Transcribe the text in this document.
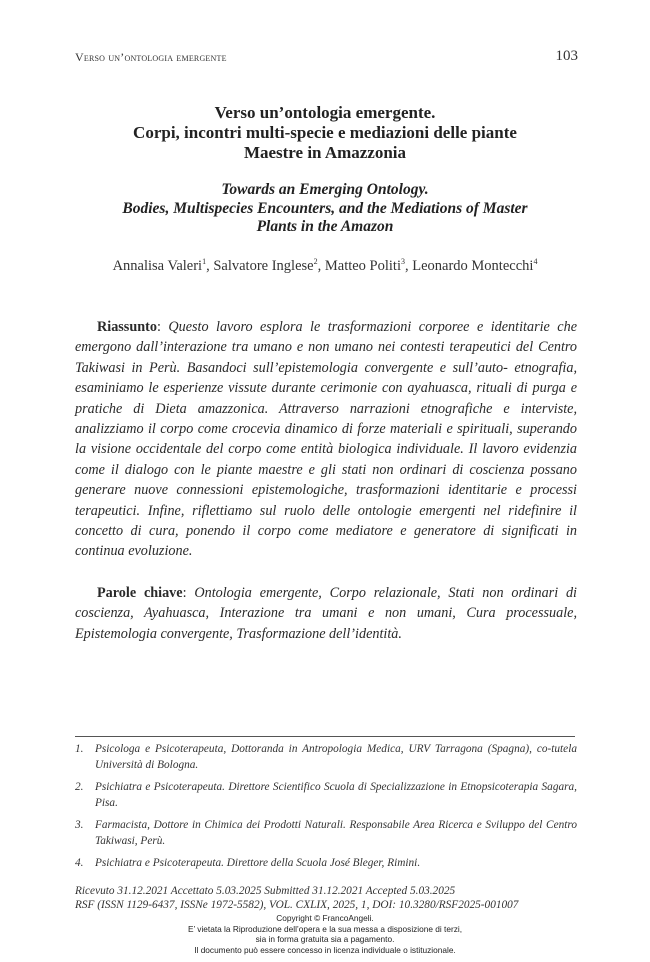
Verso un’ontologia emergente	103
Verso un’ontologia emergente.
Corpi, incontri multi-specie e mediazioni delle piante
Maestre in Amazzonia
Towards an Emerging Ontology.
Bodies, Multispecies Encounters, and the Mediations of Master
Plants in the Amazon
Annalisa Valeri$^1$, Salvatore Inglese$^2$, Matteo Politi$^3$, Leonardo Montecchi$^4$
Riassunto: Questo lavoro esplora le trasformazioni corporee e identitarie che emergono dall’interazione tra umano e non umano nei contesti terapeutici del Centro Takiwasi in Perù. Basandoci sull’epistemologia convergente e sull’auto- etnografia, esaminiamo le esperienze vissute durante cerimonie con ayahuasca, rituali di purga e pratiche di Dieta amazzonica. Attraverso narrazioni etnografiche e interviste, analizziamo il corpo come crocevia dinamico di forze materiali e spirituali, superando la visione occidentale del corpo come entità biologica individuale. Il lavoro evidenzia come il dialogo con le piante maestre e gli stati non ordinari di coscienza possano generare nuove connessioni epistemologiche, trasformazioni identitarie e processi terapeutici. Infine, riflettiamo sul ruolo delle ontologie emergenti nel ridefinire il concetto di cura, ponendo il corpo come mediatore e generatore di significati in continua evoluzione.
Parole chiave: Ontologia emergente, Corpo relazionale, Stati non ordinari di coscienza, Ayahuasca, Interazione tra umani e non umani, Cura processuale, Epistemologia convergente, Trasformazione dell’identità.
1.	Psicologa e Psicoterapeuta, Dottoranda in Antropologia Medica, URV Tarragona (Spagna), co-tutela Università di Bologna.
2.	Psichiatra e Psicoterapeuta. Direttore Scientifico Scuola di Specializzazione in Etnopsicoterapia Sagara, Pisa.
3.	Farmacista, Dottore in Chimica dei Prodotti Naturali. Responsabile Area Ricerca e Sviluppo del Centro Takiwasi, Perù.
4.	Psichiatra e Psicoterapeuta. Direttore della Scuola José Bleger, Rimini.
Ricevuto 31.12.2021 Accettato 5.03.2025 Submitted 31.12.2021 Accepted 5.03.2025
RSF (ISSN 1129-6437, ISSNe 1972-5582), VOL. CXLIX, 2025, 1, DOI: 10.3280/RSF2025-001007
Copyright © FrancoAngeli.
E’ vietata la Riproduzione dell’opera e la sua messa a disposizione di terzi,
sia in forma gratuita sia a pagamento.
Il documento può essere concesso in licenza individuale o istituzionale.
